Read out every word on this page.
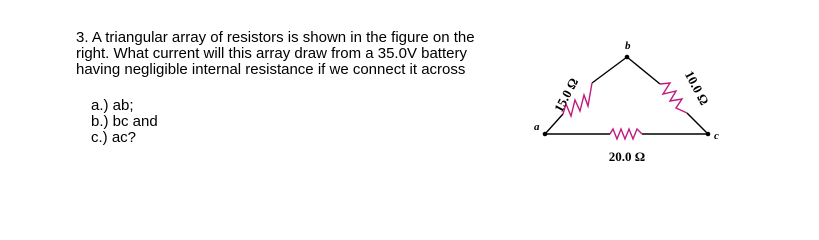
3. A triangular array of resistors is shown in the figure on the

right. What current will this array draw from a 35.0V battery

having negligible internal resistance if we connect it across

a.) ab;
b.) bc and
c.) ac?
a
b
c
15.0 Ω	10.0 Ω
20.0 Ω
